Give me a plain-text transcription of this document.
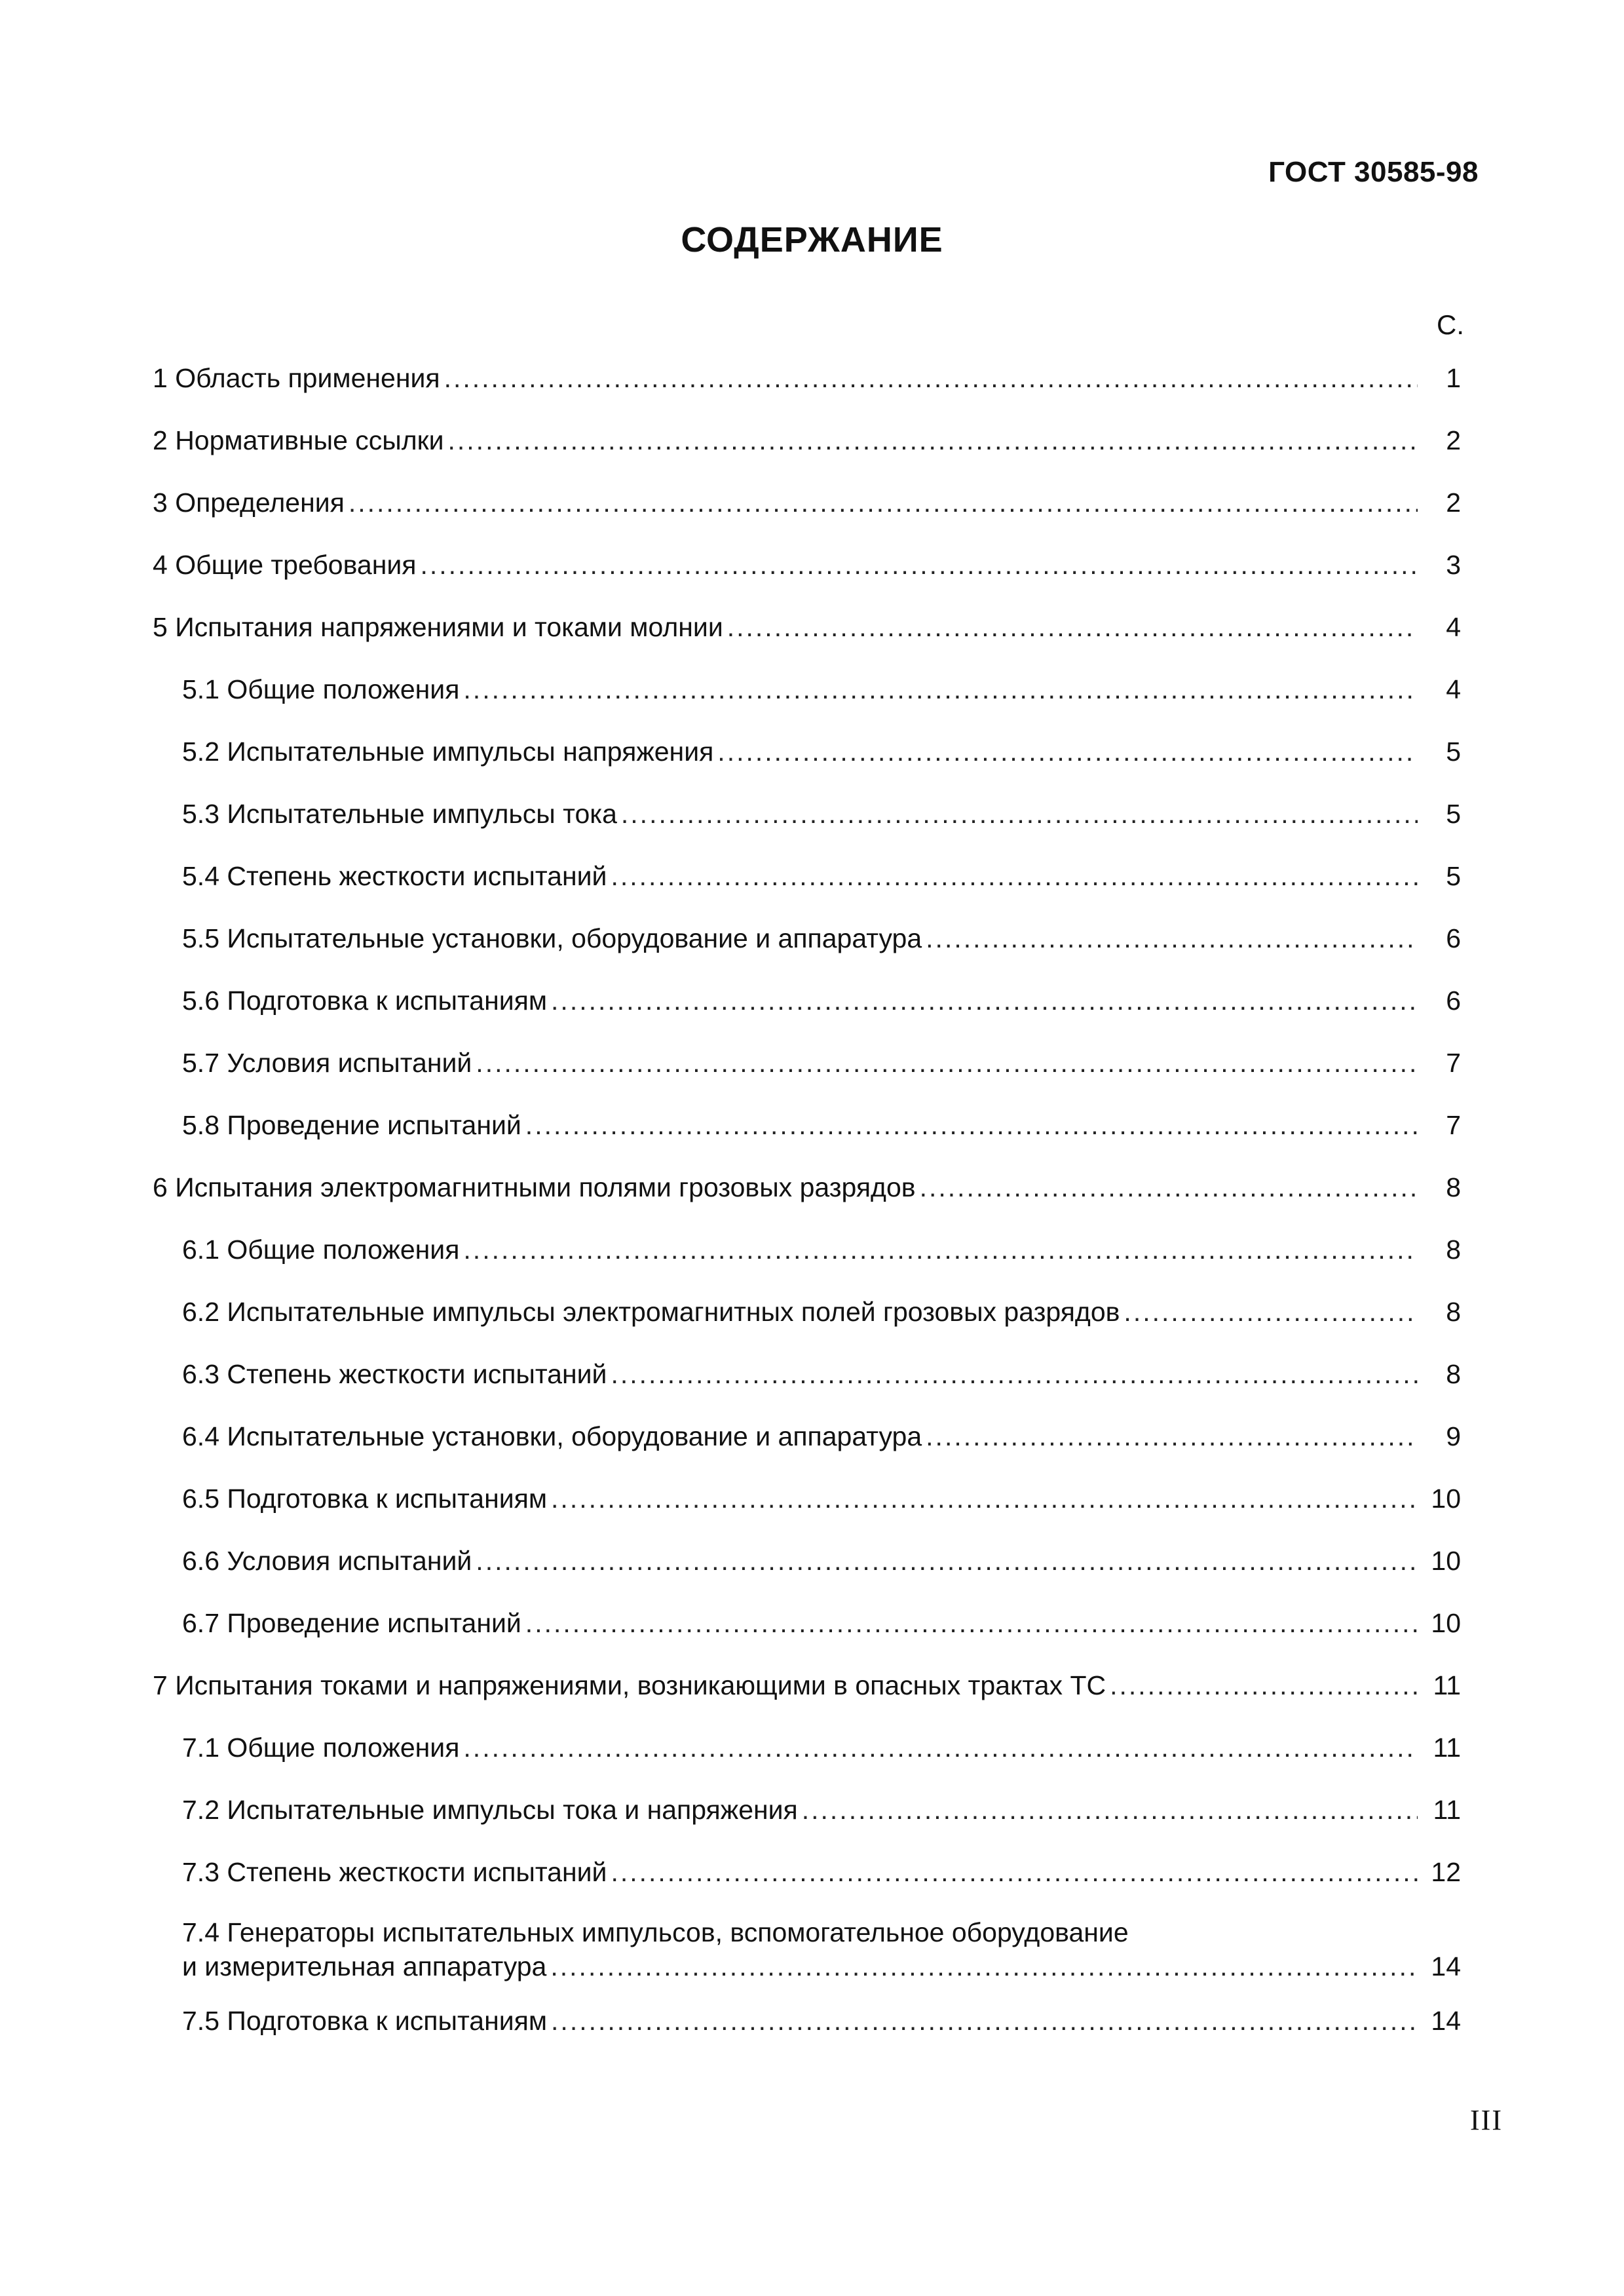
ГОСТ 30585-98
СОДЕРЖАНИЕ
С.
1 Область применения .....	1
2 Нормативные ссылки .....	2
3 Определения .....	2
4 Общие требования .....	3
5 Испытания напряжениями и токами молнии .....	4
5.1 Общие положения .....	4
5.2 Испытательные импульсы напряжения .....	5
5.3 Испытательные импульсы тока .....	5
5.4 Степень жесткости испытаний .....	5
5.5 Испытательные установки, оборудование и аппаратура .....	6
5.6 Подготовка к испытаниям .....	6
5.7 Условия испытаний .....	7
5.8 Проведение испытаний .....	7
6 Испытания электромагнитными полями грозовых разрядов .....	8
6.1 Общие положения .....	8
6.2 Испытательные импульсы электромагнитных полей грозовых разрядов .....	8
6.3 Степень жесткости испытаний .....	8
6.4 Испытательные установки, оборудование и аппаратура .....	9
6.5 Подготовка к испытаниям .....	10
6.6 Условия испытаний .....	10
6.7 Проведение испытаний .....	10
7 Испытания токами и напряжениями, возникающими в опасных трактах ТС .....	11
7.1 Общие положения .....	11
7.2 Испытательные импульсы тока и напряжения .....	11
7.3 Степень жесткости испытаний .....	12
7.4 Генераторы испытательных импульсов, вспомогательное оборудование
и измерительная аппаратура .....	14
7.5 Подготовка к испытаниям .....	14
III
